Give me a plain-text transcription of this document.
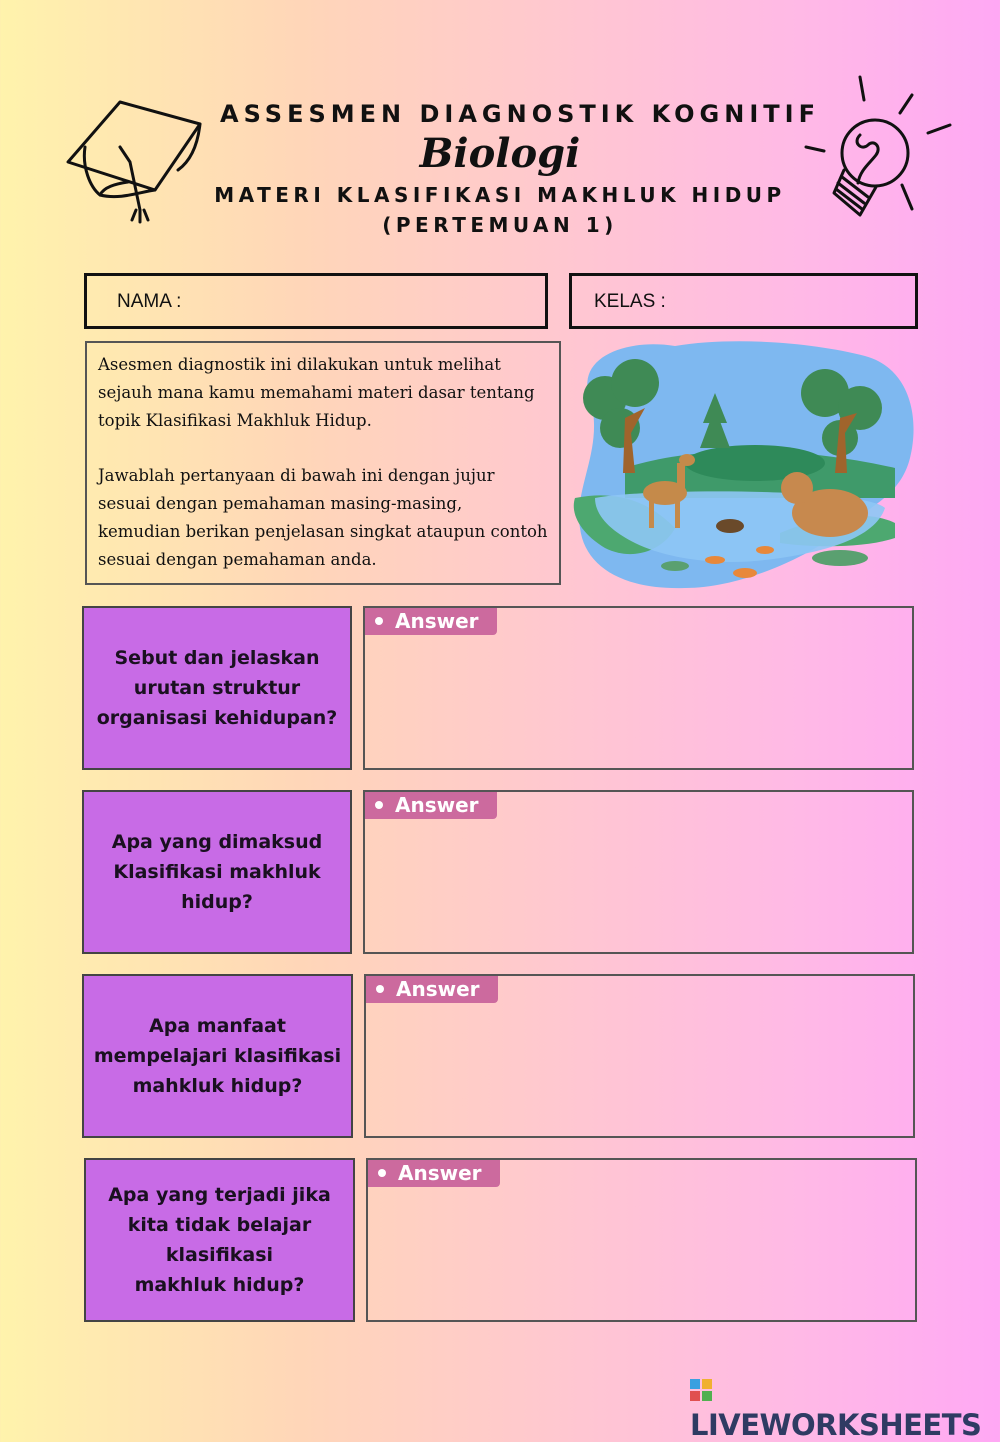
ASSESMEN DIAGNOSTIK KOGNITIF
Biologi
MATERI KLASIFIKASI MAKHLUK HIDUP
(PERTEMUAN 1)
NAMA :	KELAS :

Asesmen diagnostik ini dilakukan untuk melihat sejauh mana kamu memahami materi dasar tentang topik Klasifikasi Makhluk Hidup.

Jawablah pertanyaan di bawah ini dengan jujur sesuai dengan pemahaman masing-masing, kemudian berikan penjelasan singkat ataupun contoh sesuai dengan pemahaman anda.

Sebut dan jelaskan
urutan struktur
organisasi kehidupan?
Answer
Apa yang dimaksud
Klasifikasi makhluk
hidup?
Answer
Apa manfaat
mempelajari klasifikasi
mahkluk hidup?
Answer
Apa yang terjadi jika
kita tidak belajar
klasifikasi
makhluk hidup?
Answer
LIVEWORKSHEETS
